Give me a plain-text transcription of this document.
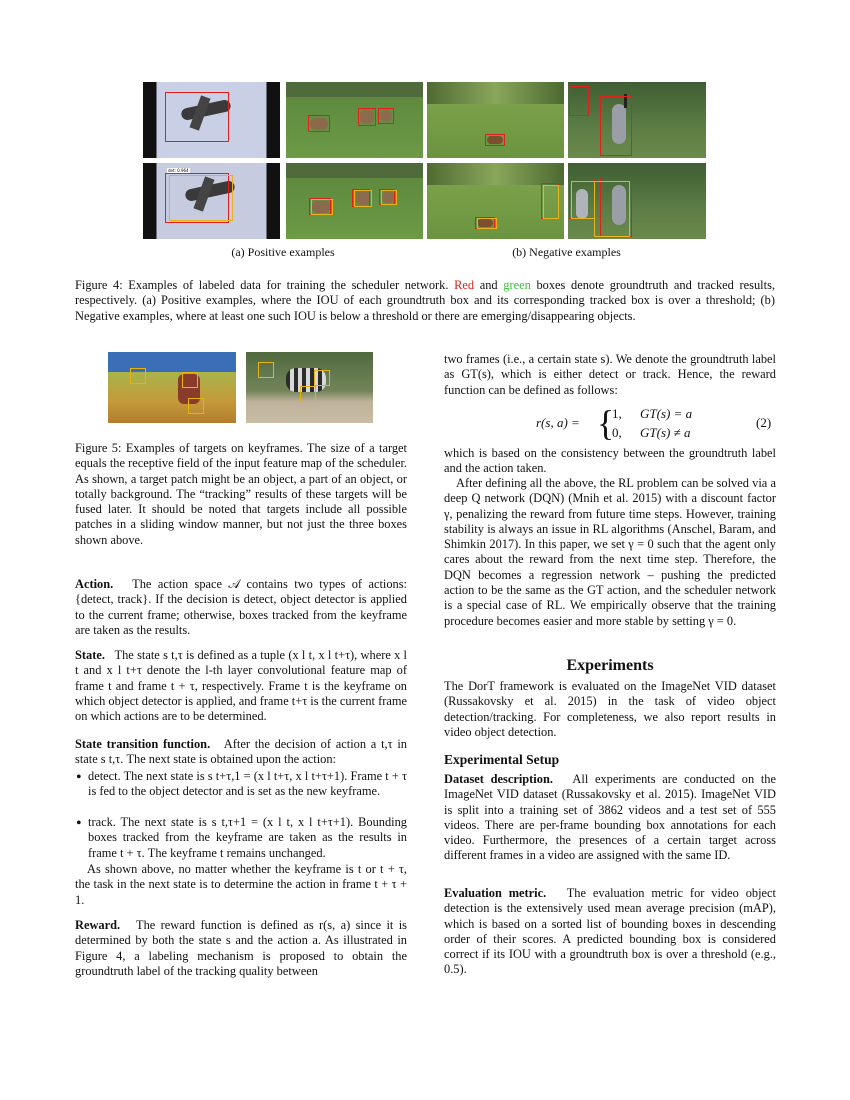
det: 0.964
(a) Positive examples	(b) Negative examples

Figure 4: Examples of labeled data for training the scheduler network. Red and green boxes denote groundtruth and tracked results, respectively. (a) Positive examples, where the IOU of each groundtruth box and its corresponding tracked box is over a threshold; (b) Negative examples, where at least one such IOU is below a threshold or there are emerging/disappearing objects.

Figure 5: Examples of targets on keyframes. The size of a target equals the receptive field of the input feature map of the scheduler. As shown, a target patch might be an object, a part of an object, or totally background. The “tracking” results of these targets will be fused later. It should be noted that targets include all possible patches in a sliding window manner, but not just the three boxes shown above.

Action. The action space 𝒜 contains two types of actions: {detect, track}. If the decision is detect, object detector is applied to the current frame; otherwise, boxes tracked from the keyframe are taken as the results.

State. The state s t,τ is defined as a tuple (x l t, x l t+τ), where x l t and x l t+τ denote the l-th layer convolutional feature map of frame t and frame t + τ, respectively. Frame t is the keyframe on which object detector is applied, and frame t+τ is the current frame on which actions are to be determined.

State transition function. After the decision of action a t,τ in state s t,τ. The next state is obtained upon the action:

• detect. The next state is s t+τ,1 = (x l t+τ, x l t+τ+1). Frame t + τ is fed to the object detector and is set as the new keyframe.

• track. The next state is s t,τ+1 = (x l t, x l t+τ+1). Bounding boxes tracked from the keyframe are taken as the results in frame t + τ. The keyframe t remains unchanged.

As shown above, no matter whether the keyframe is t or t + τ, the task in the next state is to determine the action in frame t + τ + 1.

Reward. The reward function is defined as r(s, a) since it is determined by both the state s and the action a. As illustrated in Figure 4, a labeling mechanism is proposed to obtain the groundtruth label of the tracking quality between

two frames (i.e., a certain state s). We denote the groundtruth label as GT(s), which is either detect or track. Hence, the reward function can be defined as follows:

r(s, a) = {
1, GT(s) = a
0, GT(s) ≠ a
(2)

which is based on the consistency between the groundtruth label and the action taken.

After defining all the above, the RL problem can be solved via a deep Q network (DQN) (Mnih et al. 2015) with a discount factor γ, penalizing the reward from future time steps. However, training stability is always an issue in RL algorithms (Anschel, Baram, and Shimkin 2017). In this paper, we set γ = 0 such that the agent only cares about the reward from the next time step. Therefore, the DQN becomes a regression network – pushing the predicted action to be the same as the GT action, and the scheduler network is a special case of RL. We empirically observe that the training procedure becomes easier and more stable by setting γ = 0.

Experiments

The DorT framework is evaluated on the ImageNet VID dataset (Russakovsky et al. 2015) in the task of video object detection/tracking. For completeness, we also report results in video object detection.

Experimental Setup

Dataset description. All experiments are conducted on the ImageNet VID dataset (Russakovsky et al. 2015). ImageNet VID is split into a training set of 3862 videos and a test set of 555 videos. There are per-frame bounding box annotations for each video. Furthermore, the presences of a certain target across different frames in a video are assigned with the same ID.

Evaluation metric. The evaluation metric for video object detection is the extensively used mean average precision (mAP), which is based on a sorted list of bounding boxes in descending order of their scores. A predicted bounding box is considered correct if its IOU with a groundtruth box is over a threshold (e.g., 0.5).
